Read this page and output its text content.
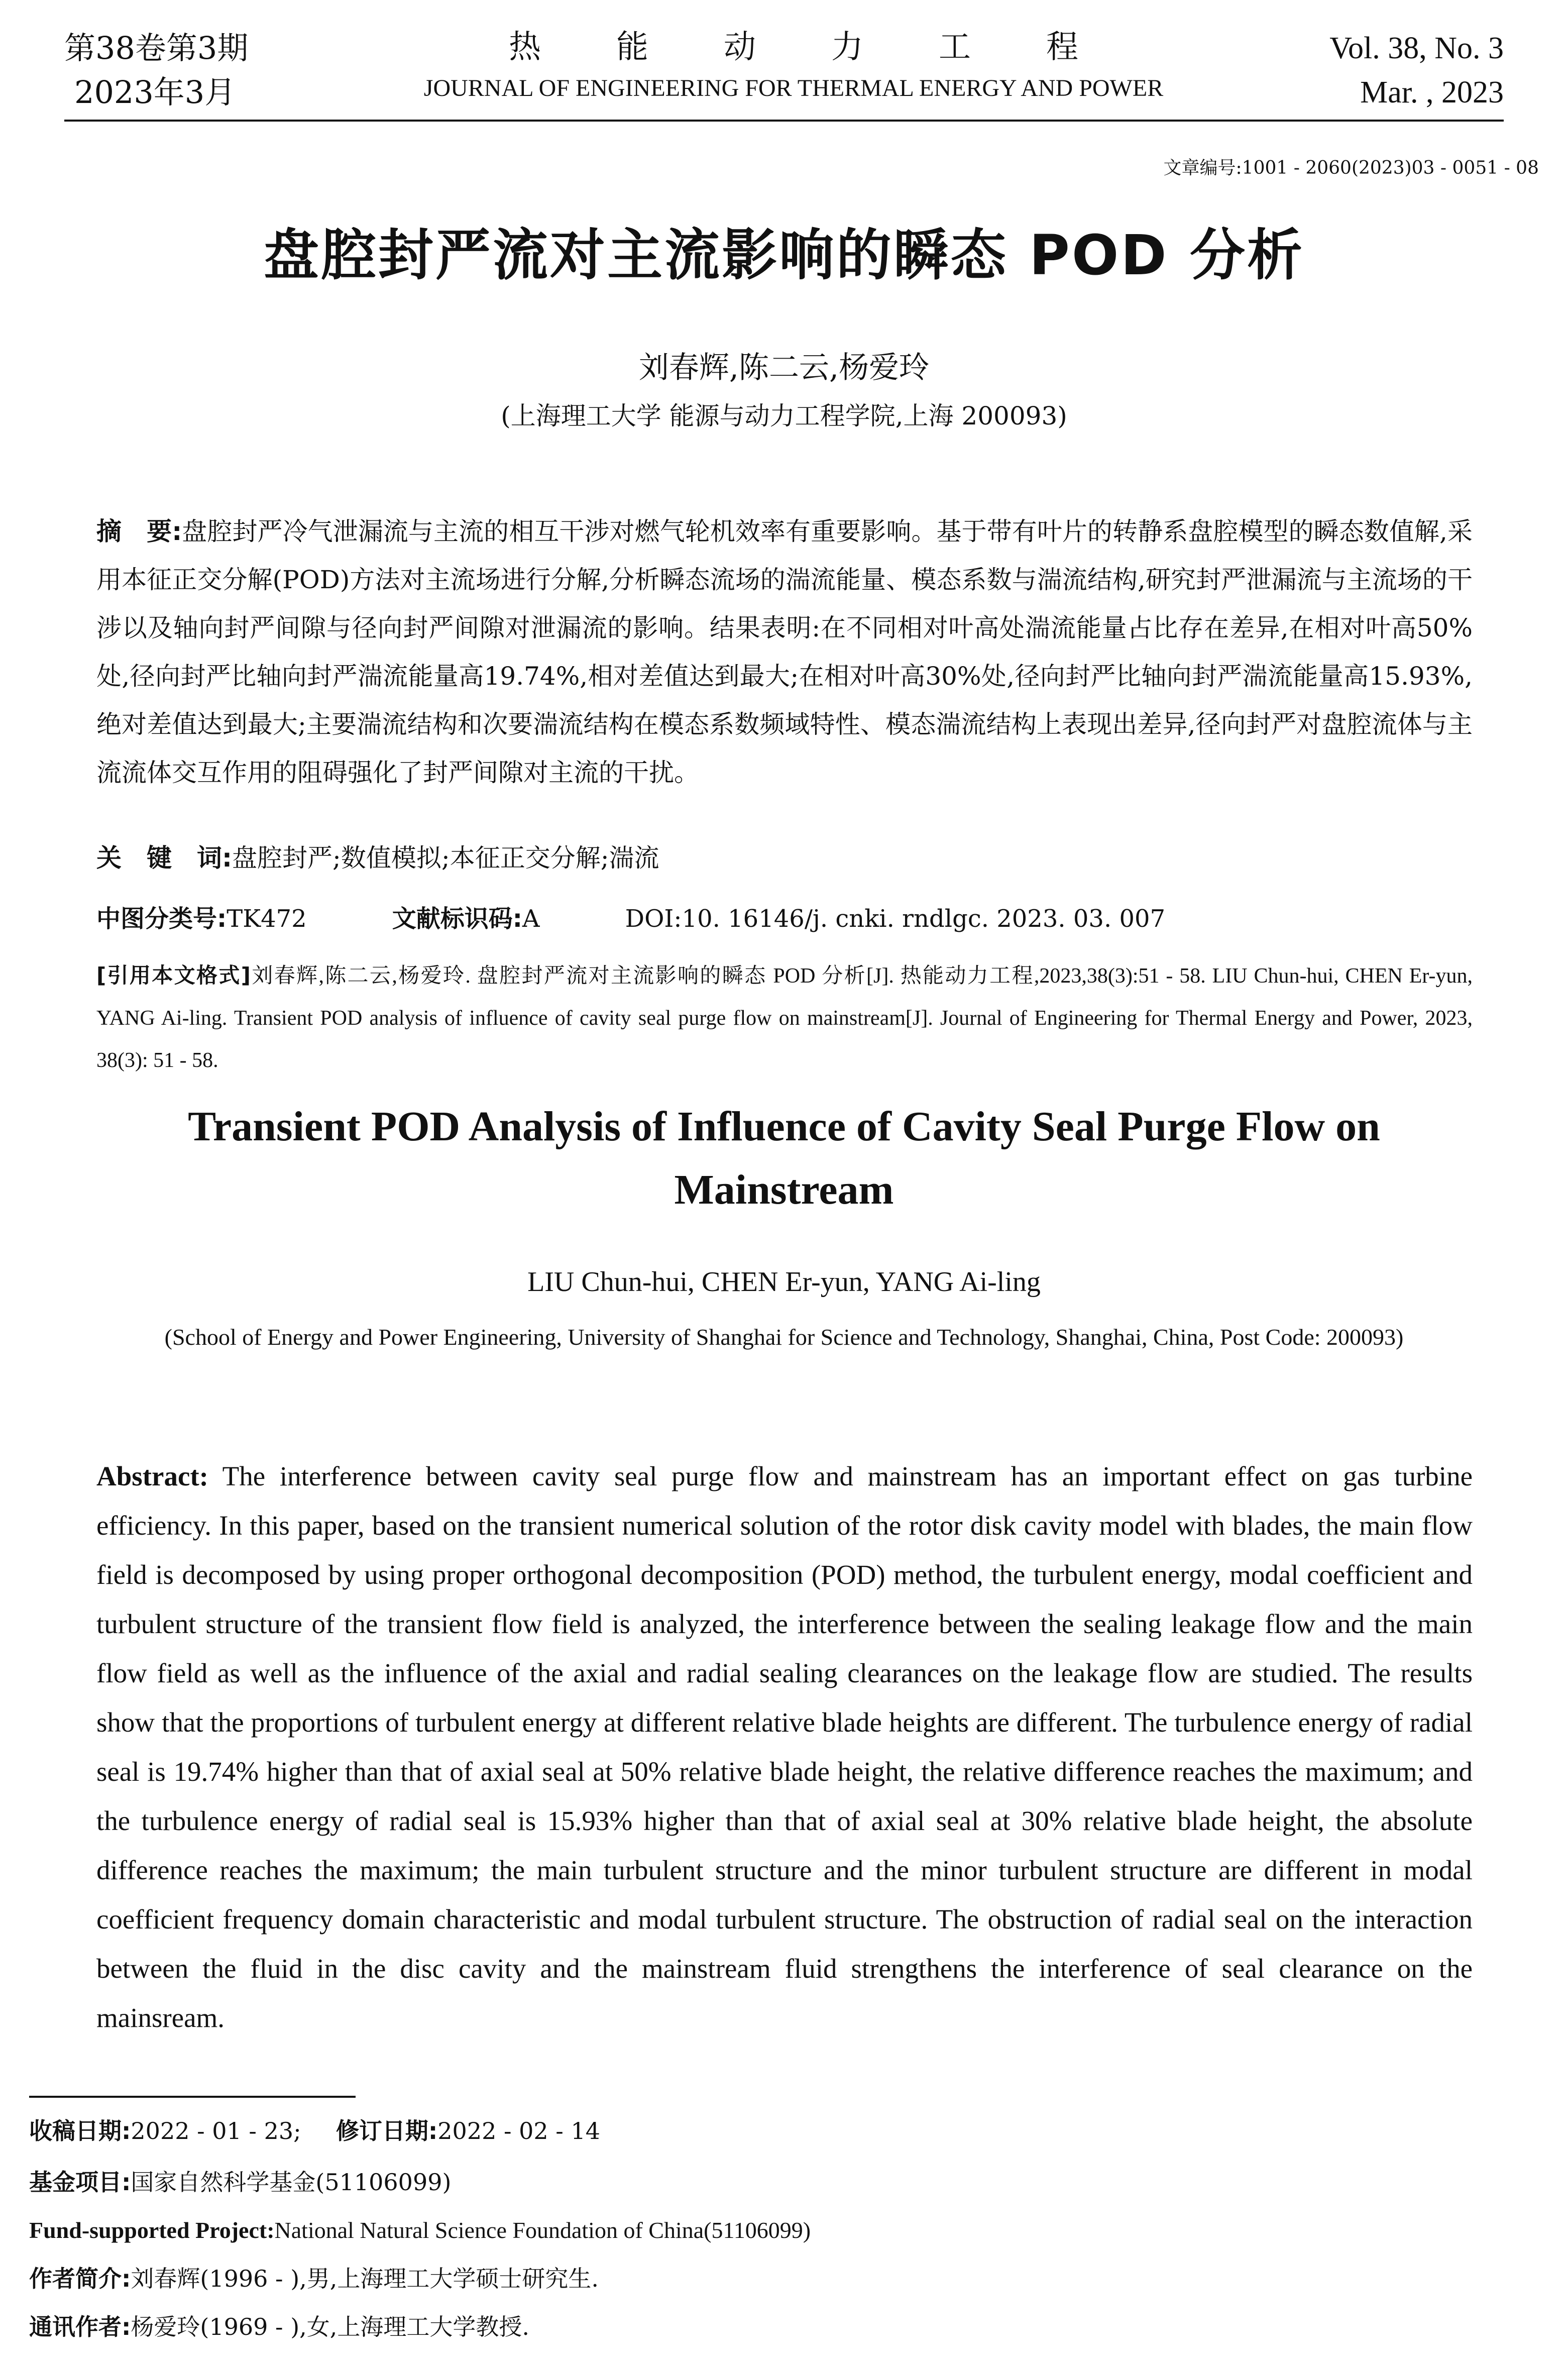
第38卷第3期
2023年3月
热能动力工程
JOURNAL OF ENGINEERING FOR THERMAL ENERGY AND POWER
Vol. 38, No. 3
Mar. , 2023
文章编号:1001 - 2060(2023)03 - 0051 - 08
盘腔封严流对主流影响的瞬态 POD 分析
刘春辉,陈二云,杨爱玲
(上海理工大学 能源与动力工程学院,上海 200093)
摘　要:盘腔封严冷气泄漏流与主流的相互干涉对燃气轮机效率有重要影响。基于带有叶片的转静系盘腔模型的瞬态数值解,采用本征正交分解(POD)方法对主流场进行分解,分析瞬态流场的湍流能量、模态系数与湍流结构,研究封严泄漏流与主流场的干涉以及轴向封严间隙与径向封严间隙对泄漏流的影响。结果表明:在不同相对叶高处湍流能量占比存在差异,在相对叶高50%处,径向封严比轴向封严湍流能量高19.74%,相对差值达到最大;在相对叶高30%处,径向封严比轴向封严湍流能量高15.93%,绝对差值达到最大;主要湍流结构和次要湍流结构在模态系数频域特性、模态湍流结构上表现出差异,径向封严对盘腔流体与主流流体交互作用的阻碍强化了封严间隙对主流的干扰。
关　键　词:盘腔封严;数值模拟;本征正交分解;湍流
中图分类号:TK472	文献标识码:A	DOI:10. 16146/j. cnki. rndlgc. 2023. 03. 007
[引用本文格式]刘春辉,陈二云,杨爱玲. 盘腔封严流对主流影响的瞬态 POD 分析[J]. 热能动力工程,2023,38(3):51 - 58. LIU Chun-hui, CHEN Er-yun, YANG Ai-ling. Transient POD analysis of influence of cavity seal purge flow on mainstream[J]. Journal of Engineering for Thermal Energy and Power, 2023, 38(3): 51 - 58.
Transient POD Analysis of Influence of Cavity Seal Purge Flow on Mainstream
LIU Chun-hui, CHEN Er-yun, YANG Ai-ling
(School of Energy and Power Engineering, University of Shanghai for Science and Technology, Shanghai, China, Post Code: 200093)
Abstract: The interference between cavity seal purge flow and mainstream has an important effect on gas turbine efficiency. In this paper, based on the transient numerical solution of the rotor disk cavity model with blades, the main flow field is decomposed by using proper orthogonal decomposition (POD) method, the turbulent energy, modal coefficient and turbulent structure of the transient flow field is analyzed, the interference between the sealing leakage flow and the main flow field as well as the influence of the axial and radial sealing clearances on the leakage flow are studied. The results show that the proportions of turbulent energy at different relative blade heights are different. The turbulence energy of radial seal is 19.74% higher than that of axial seal at 50% relative blade height, the relative difference reaches the maximum; and the turbulence energy of radial seal is 15.93% higher than that of axial seal at 30% relative blade height, the absolute difference reaches the maximum; the main turbulent structure and the minor turbulent structure are different in modal coefficient frequency domain characteristic and modal turbulent structure. The obstruction of radial seal on the interaction between the fluid in the disc cavity and the mainstream fluid strengthens the interference of seal clearance on the mainsream.
收稿日期:2022 - 01 - 23; 修订日期:2022 - 02 - 14
基金项目:国家自然科学基金(51106099)
Fund-supported Project:National Natural Science Foundation of China(51106099)
作者简介:刘春辉(1996 - ),男,上海理工大学硕士研究生.
通讯作者:杨爱玲(1969 - ),女,上海理工大学教授.
